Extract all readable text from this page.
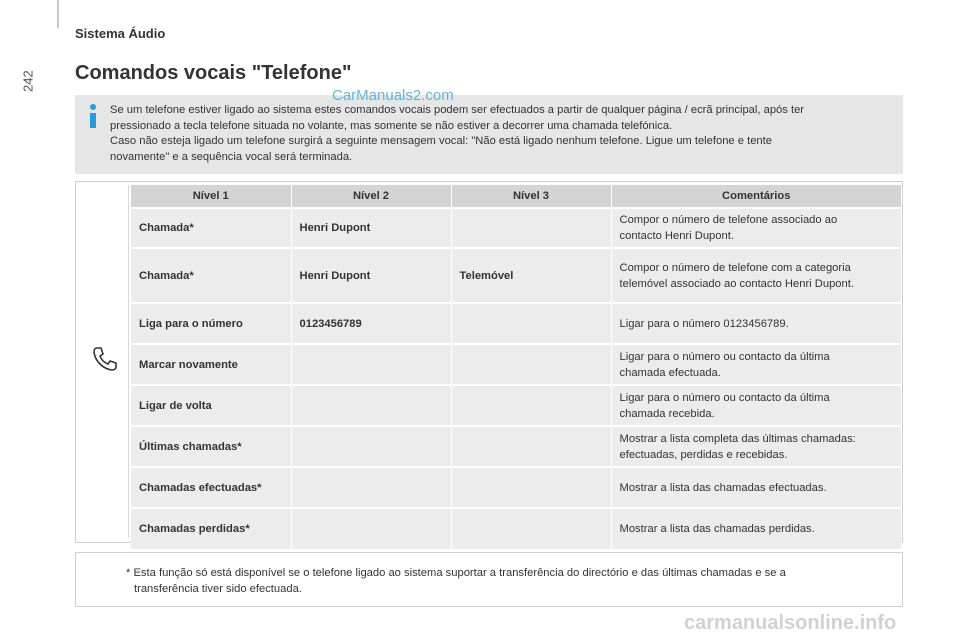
242
Sistema Áudio
Comandos vocais "Telefone"

Se um telefone estiver ligado ao sistema estes comandos vocais podem ser efectuados a partir de qualquer página / ecrã principal, após ter
pressionado a tecla telefone situada no volante, mas somente se não estiver a decorrer uma chamada telefónica.
Caso não esteja ligado um telefone surgirá a seguinte mensagem vocal: "Não está ligado nenhum telefone. Ligue um telefone e tente
novamente" e a sequência vocal será terminada.

CarManuals2.com
Nível 1	Nível 2	Nível 3	Comentários
Chamada*	Henri Dupont		Compor o número de telefone associado ao
contacto Henri Dupont.
Chamada*	Henri Dupont	Telemóvel	Compor o número de telefone com a categoria
telemóvel associado ao contacto Henri Dupont.
Liga para o número	0123456789		Ligar para o número 0123456789.
Marcar novamente			Ligar para o número ou contacto da última
chamada efectuada.
Ligar de volta			Ligar para o número ou contacto da última
chamada recebida.
Últimas chamadas*			Mostrar a lista completa das últimas chamadas:
efectuadas, perdidas e recebidas.
Chamadas efectuadas*			Mostrar a lista das chamadas efectuadas.
Chamadas perdidas*			Mostrar a lista das chamadas perdidas.

* Esta função só está disponível se o telefone ligado ao sistema suportar a transferência do directório e das últimas chamadas e se a
transferência tiver sido efectuada.

carmanualsonline.info
